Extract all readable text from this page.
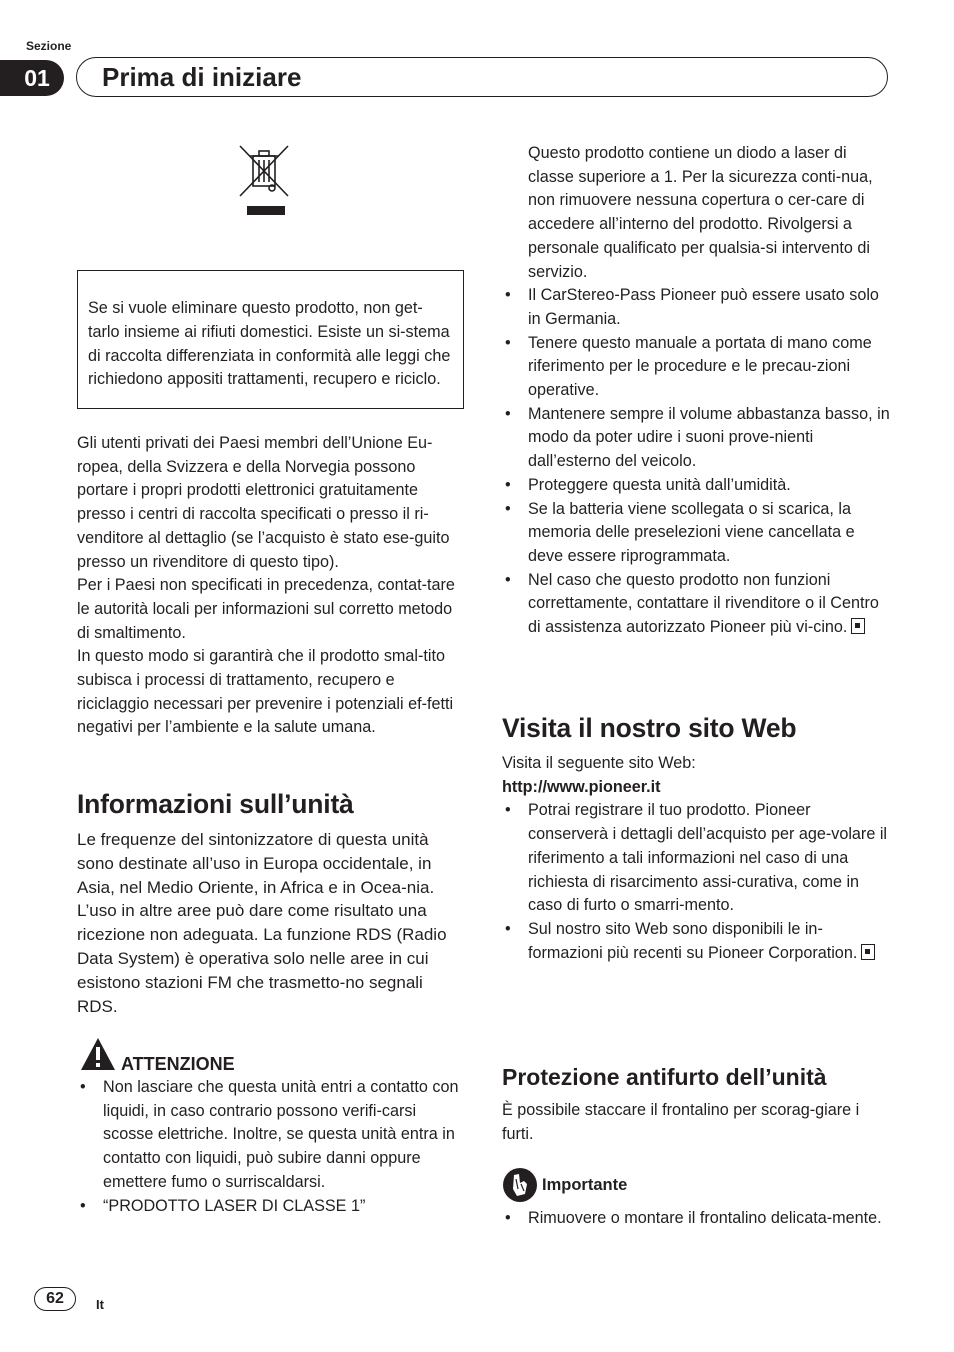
Sezione
01	Prima di iniziare

Se si vuole eliminare questo prodotto, non get-tarlo insieme ai rifiuti domestici. Esiste un si-stema di raccolta differenziata in conformità alle leggi che richiedono appositi trattamenti, recupero e riciclo.

Gli utenti privati dei Paesi membri dell’Unione Eu-ropea, della Svizzera e della Norvegia possono portare i propri prodotti elettronici gratuitamente presso i centri di raccolta specificati o presso il ri-venditore al dettaglio (se l’acquisto è stato ese-guito presso un rivenditore di questo tipo).

Per i Paesi non specificati in precedenza, contat-tare le autorità locali per informazioni sul corretto metodo di smaltimento.

In questo modo si garantirà che il prodotto smal-tito subisca i processi di trattamento, recupero e riciclaggio necessari per prevenire i potenziali ef-fetti negativi per l’ambiente e la salute umana.

Informazioni sull’unità
Le frequenze del sintonizzatore di questa unità sono destinate all’uso in Europa occidentale, in Asia, nel Medio Oriente, in Africa e in Ocea-nia. L’uso in altre aree può dare come risultato una ricezione non adeguata. La funzione RDS (Radio Data System) è operativa solo nelle aree in cui esistono stazioni FM che trasmetto-no segnali RDS.
ATTENZIONE
• Non lasciare che questa unità entri a contatto con liquidi, in caso contrario possono verifi-carsi scosse elettriche. Inoltre, se questa unità entra in contatto con liquidi, può subire danni oppure emettere fumo o surriscaldarsi.
• “PRODOTTO LASER DI CLASSE 1”

Questo prodotto contiene un diodo a laser di classe superiore a 1. Per la sicurezza conti-nua, non rimuovere nessuna copertura o cer-care di accedere all’interno del prodotto. Rivolgersi a personale qualificato per qualsia-si intervento di servizio.

• Il CarStereo-Pass Pioneer può essere usato solo in Germania.
• Tenere questo manuale a portata di mano come riferimento per le procedure e le precau-zioni operative.
• Mantenere sempre il volume abbastanza basso, in modo da poter udire i suoni prove-nienti dall’esterno del veicolo.
• Proteggere questa unità dall’umidità.
• Se la batteria viene scollegata o si scarica, la memoria delle preselezioni viene cancellata e deve essere riprogrammata.
• Nel caso che questo prodotto non funzioni correttamente, contattare il rivenditore o il Centro di assistenza autorizzato Pioneer più vi-cino.
Visita il nostro sito Web

Visita il seguente sito Web:

http://www.pioneer.it

• Potrai registrare il tuo prodotto. Pioneer conserverà i dettagli dell’acquisto per age-volare il riferimento a tali informazioni nel caso di una richiesta di risarcimento assi-curativa, come in caso di furto o smarri-mento.
• Sul nostro sito Web sono disponibili le in-formazioni più recenti su Pioneer Corporation.
Protezione antifurto dell’unità
È possibile staccare il frontalino per scorag-giare i furti.
Importante
• Rimuovere o montare il frontalino delicata-mente.
62	It
